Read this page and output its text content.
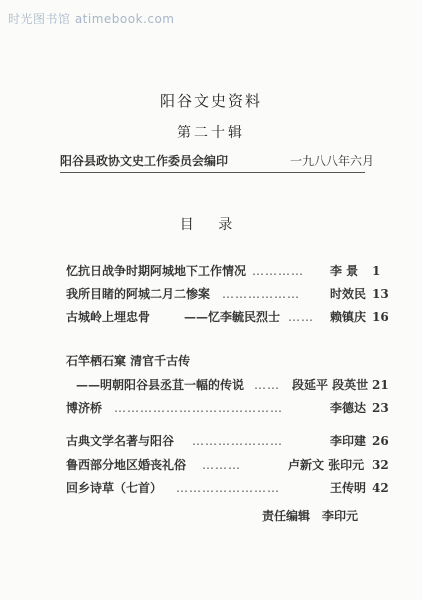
时光图书馆 atimebook.com
阳谷文史资料
第二十辑
阳谷县政协文史工作委员会编印	一九八八年六月
目 录
忆抗日战争时期阿城地下工作情况 ………… 李 景 1
我所目睹的阿城二月二惨案 ………………	时效民 13
古城岭上埋忠骨	——忆李毓民烈士 …… 赖镇庆 16
石竿栖石窠 清官千古传
——明朝阳谷县丞苴一幅的传说 …… 段延平 段英世 21
博济桥 …………………………………	李德达 23
古典文学名著与阳谷 …………………	李印建 26
鲁西部分地区婚丧礼俗 ………	卢新文 张印元 32
回乡诗草（七首） ……………………	王传明 42
责任编辑 李印元
